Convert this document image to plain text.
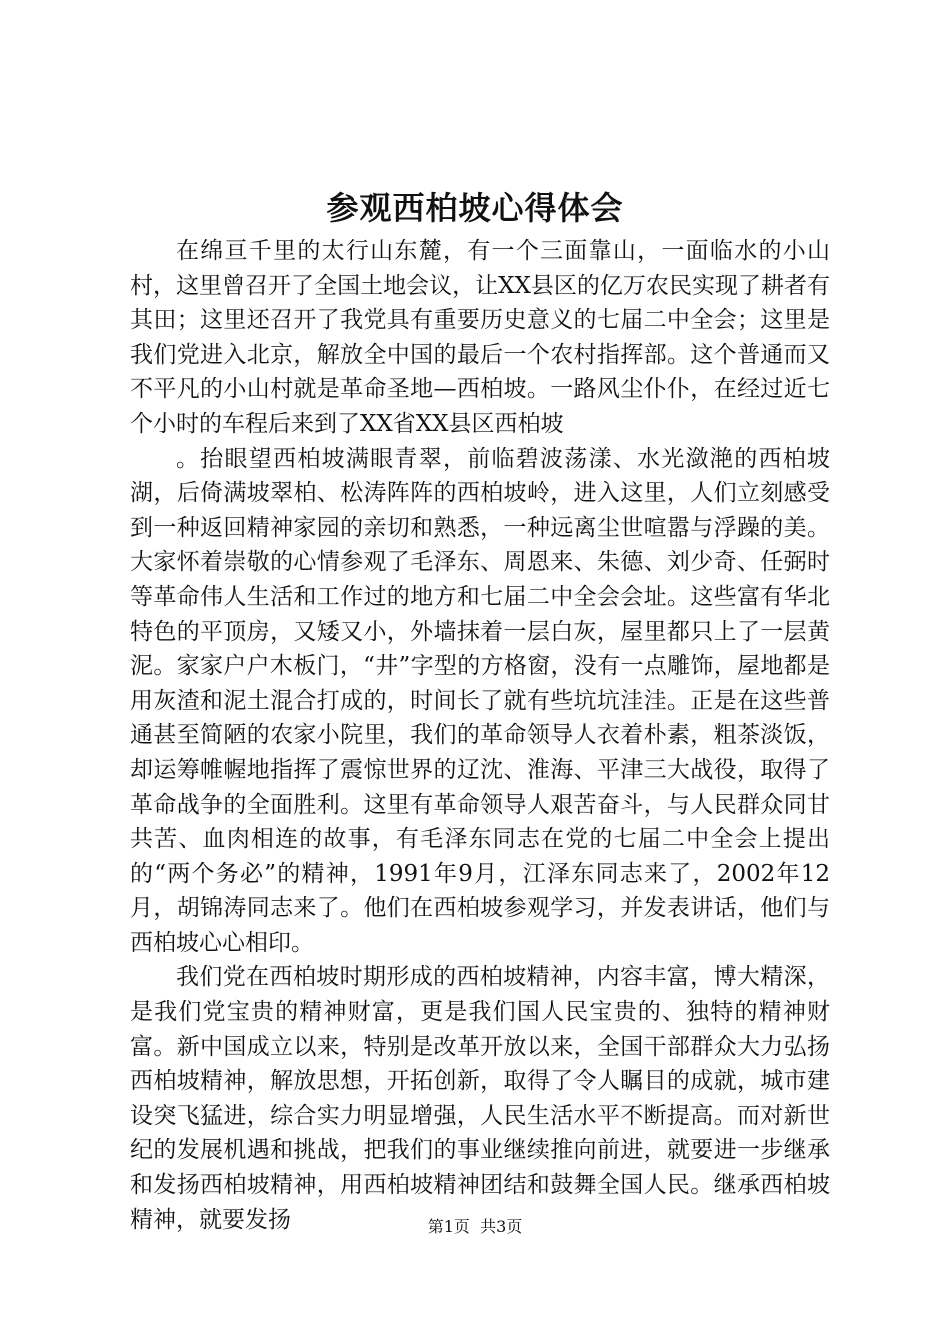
参观西柏坡心得体会

在绵亘千里的太行山东麓，有一个三面靠山，一面临水的小山村，这里曾召开了全国土地会议，让XX县区的亿万农民实现了耕者有其田；这里还召开了我党具有重要历史意义的七届二中全会；这里是我们党进入北京，解放全中国的最后一个农村指挥部。这个普通而又不平凡的小山村就是革命圣地—西柏坡。一路风尘仆仆，在经过近七个小时的车程后来到了XX省XX县区西柏坡

。抬眼望西柏坡满眼青翠，前临碧波荡漾、水光潋滟的西柏坡湖，后倚满坡翠柏、松涛阵阵的西柏坡岭，进入这里，人们立刻感受到一种返回精神家园的亲切和熟悉，一种远离尘世喧嚣与浮躁的美。大家怀着崇敬的心情参观了毛泽东、周恩来、朱德、刘少奇、任弼时等革命伟人生活和工作过的地方和七届二中全会会址。这些富有华北特色的平顶房，又矮又小，外墙抹着一层白灰，屋里都只上了一层黄泥。家家户户木板门，“井”字型的方格窗，没有一点雕饰，屋地都是用灰渣和泥土混合打成的，时间长了就有些坑坑洼洼。正是在这些普通甚至简陋的农家小院里，我们的革命领导人衣着朴素，粗茶淡饭，却运筹帷幄地指挥了震惊世界的辽沈、淮海、平津三大战役，取得了革命战争的全面胜利。这里有革命领导人艰苦奋斗，与人民群众同甘共苦、血肉相连的故事，有毛泽东同志在党的七届二中全会上提出的“两个务必”的精神，1991年9月，江泽东同志来了，2002年12月，胡锦涛同志来了。他们在西柏坡参观学习，并发表讲话，他们与西柏坡心心相印。

我们党在西柏坡时期形成的西柏坡精神，内容丰富，博大精深，是我们党宝贵的精神财富，更是我们国人民宝贵的、独特的精神财富。新中国成立以来，特别是改革开放以来，全国干部群众大力弘扬西柏坡精神，解放思想，开拓创新，取得了令人瞩目的成就，城市建设突飞猛进，综合实力明显增强，人民生活水平不断提高。而对新世纪的发展机遇和挑战，把我们的事业继续推向前进，就要进一步继承和发扬西柏坡精神，用西柏坡精神团结和鼓舞全国人民。继承西柏坡精神，就要发扬	第1页  共3页
